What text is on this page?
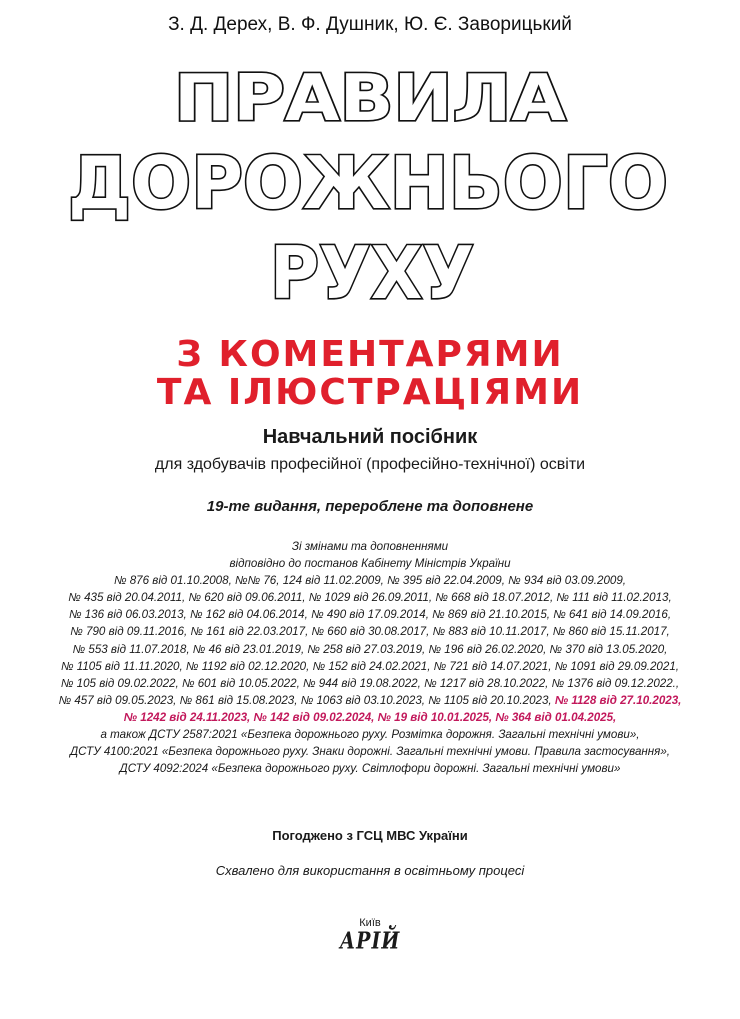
З. Д. Дерех, В. Ф. Душник, Ю. Є. Заворицький
ПРАВИЛА
ДОРОЖНЬОГО
РУХУ
З КОМЕНТАРЯМИ
ТА ІЛЮСТРАЦІЯМИ
Навчальний посібник
для здобувачів професійної (професійно-технічної) освіти
19-те видання, перероблене та доповнене
Зі змінами та доповненнями
відповідно до постанов Кабінету Міністрів України
№ 876 від 01.10.2008, №№ 76, 124 від 11.02.2009, № 395 від 22.04.2009, № 934 від 03.09.2009,
№ 435 від 20.04.2011, № 620 від 09.06.2011, № 1029 від 26.09.2011, № 668 від 18.07.2012, № 111 від 11.02.2013,
№ 136 від 06.03.2013, № 162 від 04.06.2014, № 490 від 17.09.2014, № 869 від 21.10.2015, № 641 від 14.09.2016,
№ 790 від 09.11.2016, № 161 від 22.03.2017, № 660 від 30.08.2017, № 883 від 10.11.2017, № 860 від 15.11.2017,
№ 553 від 11.07.2018, № 46 від 23.01.2019, № 258 від 27.03.2019, № 196 від 26.02.2020, № 370 від 13.05.2020,
№ 1105 від 11.11.2020, № 1192 від 02.12.2020, № 152 від 24.02.2021, № 721 від 14.07.2021, № 1091 від 29.09.2021,
№ 105 від 09.02.2022, № 601 від 10.05.2022, № 944 від 19.08.2022, № 1217 від 28.10.2022, № 1376 від 09.12.2022.,
№ 457 від 09.05.2023, № 861 від 15.08.2023, № 1063 від 03.10.2023, № 1105 від 20.10.2023, № 1128 від 27.10.2023,
№ 1242 від 24.11.2023, № 142 від 09.02.2024, № 19 від 10.01.2025, № 364 від 01.04.2025,
а також ДСТУ 2587:2021 «Безпека дорожнього руху. Розмітка дорожня. Загальні технічні умови»,
ДСТУ 4100:2021 «Безпека дорожнього руху. Знаки дорожні. Загальні технічні умови. Правила застосування»,
ДСТУ 4092:2024 «Безпека дорожнього руху. Світлофори дорожні. Загальні технічні умови»
Погоджено з ГСЦ МВС України
Схвалено для використання в освітньому процесі
Київ
АРІЙ
